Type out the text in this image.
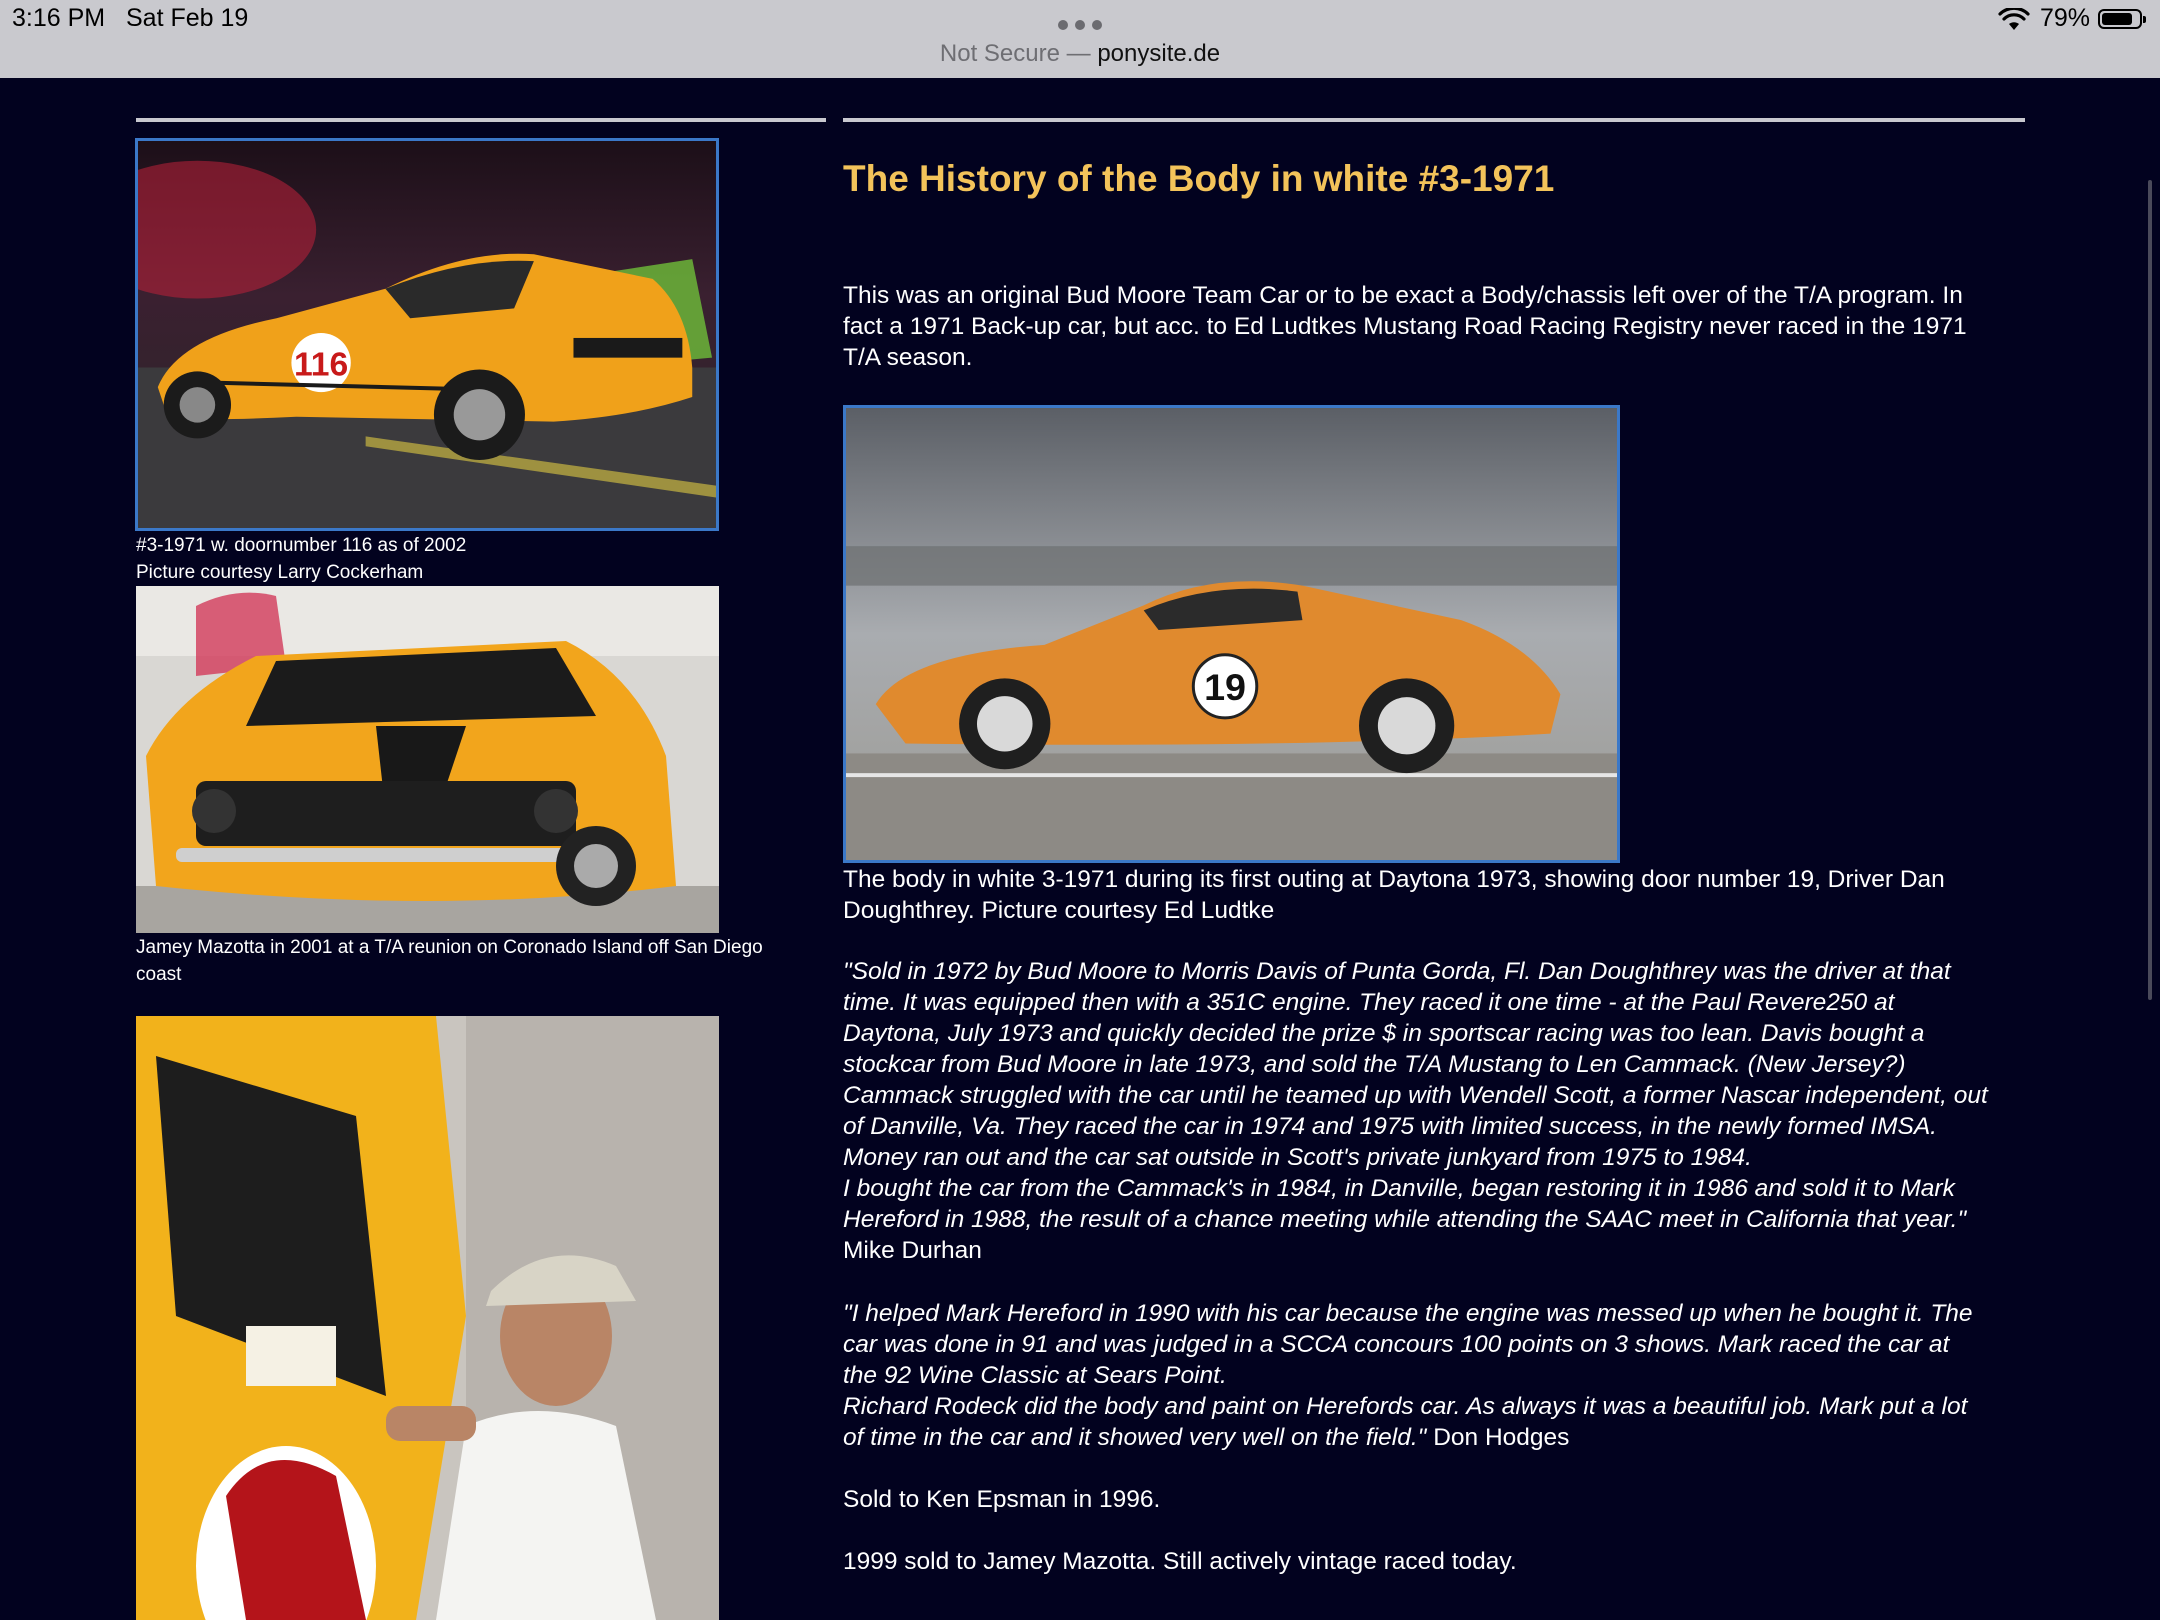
3:16 PM Sat Feb 19
Not Secure — ponysite.de
79%
116
#3-1971 w. doornumber 116 as of 2002
Picture courtesy Larry Cockerham
Jamey Mazotta in 2001 at a T/A reunion on Coronado Island off San Diego
coast
The History of the Body in white #3-1971
This was an original Bud Moore Team Car or to be exact a Body/chassis left over of the T/A program. In
fact a 1971 Back-up car, but acc. to Ed Ludtkes Mustang Road Racing Registry never raced in the 1971
T/A season.
19
The body in white 3-1971 during its first outing at Daytona 1973, showing door number 19, Driver Dan
Doughthrey. Picture courtesy Ed Ludtke
"Sold in 1972 by Bud Moore to Morris Davis of Punta Gorda, Fl. Dan Doughthrey was the driver at that
time. It was equipped then with a 351C engine. They raced it one time - at the Paul Revere250 at
Daytona, July 1973 and quickly decided the prize $ in sportscar racing was too lean. Davis bought a
stockcar from Bud Moore in late 1973, and sold the T/A Mustang to Len Cammack. (New Jersey?)
Cammack struggled with the car until he teamed up with Wendell Scott, a former Nascar independent, out
of Danville, Va. They raced the car in 1974 and 1975 with limited success, in the newly formed IMSA.
Money ran out and the car sat outside in Scott's private junkyard from 1975 to 1984.
I bought the car from the Cammack's in 1984, in Danville, began restoring it in 1986 and sold it to Mark
Hereford in 1988, the result of a chance meeting while attending the SAAC meet in California that year."
Mike Durhan
"I helped Mark Hereford in 1990 with his car because the engine was messed up when he bought it. The
car was done in 91 and was judged in a SCCA concours 100 points on 3 shows. Mark raced the car at
the 92 Wine Classic at Sears Point.
Richard Rodeck did the body and paint on Herefords car. As always it was a beautiful job. Mark put a lot
of time in the car and it showed very well on the field." Don Hodges
Sold to Ken Epsman in 1996.
1999 sold to Jamey Mazotta. Still actively vintage raced today.
